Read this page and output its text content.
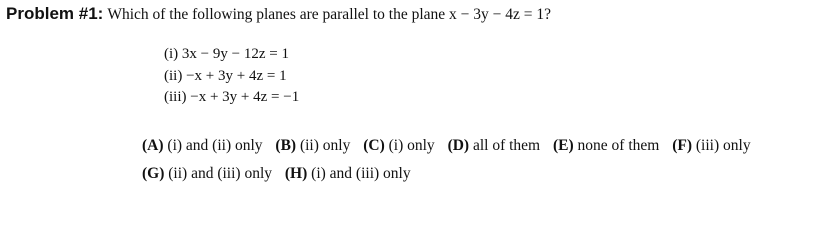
Problem #1: Which of the following planes are parallel to the plane x − 3y − 4z = 1?
(i) 3x − 9y − 12z = 1
(ii) −x + 3y + 4z = 1
(iii) −x + 3y + 4z = −1
(A) (i) and (ii) only (B) (ii) only (C) (i) only (D) all of them (E) none of them (F) (iii) only
(G) (ii) and (iii) only (H) (i) and (iii) only
